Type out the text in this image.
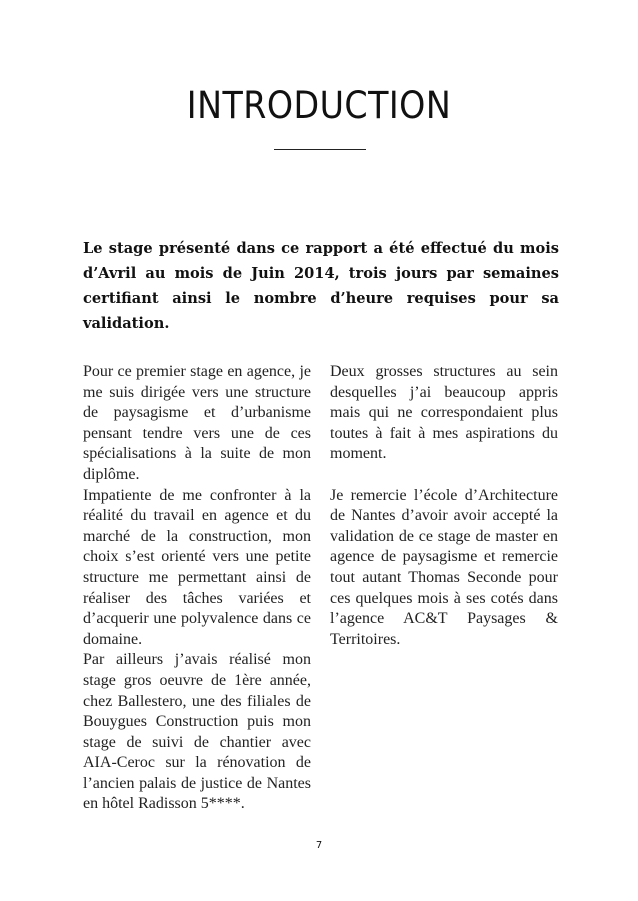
INTRODUCTION

Le stage présenté dans ce rapport a été effectué du mois d’Avril au mois de Juin 2014, trois jours par semaines certifiant ainsi le nombre d’heure requises pour sa validation.

Pour ce premier stage en agence, je me suis dirigée vers une structure de paysagisme et d’urbanisme pensant tendre vers une de ces spécialisations à la suite de mon diplôme.

Impatiente de me confronter à la réalité du travail en agence et du marché de la construction, mon choix s’est orienté vers une petite structure me permettant ainsi de réaliser des tâches variées et d’acquerir une polyvalence dans ce domaine.

Par ailleurs j’avais réalisé mon stage gros oeuvre de 1ère année, chez Ballestero, une des filiales de Bouygues Construction puis mon stage de suivi de chantier avec AIA-Ceroc sur la rénovation de l’ancien palais de justice de Nantes en hôtel Radisson 5****.

Deux grosses structures au sein desquelles j’ai beaucoup appris mais qui ne correspondaient plus toutes à fait à mes aspirations du moment.

Je remercie l’école d’Architecture de Nantes d’avoir avoir accepté la validation de ce stage de master en agence de paysagisme et remercie tout autant Thomas Seconde pour ces quelques mois à ses cotés dans l’agence AC&T Paysages & Territoires.

7
